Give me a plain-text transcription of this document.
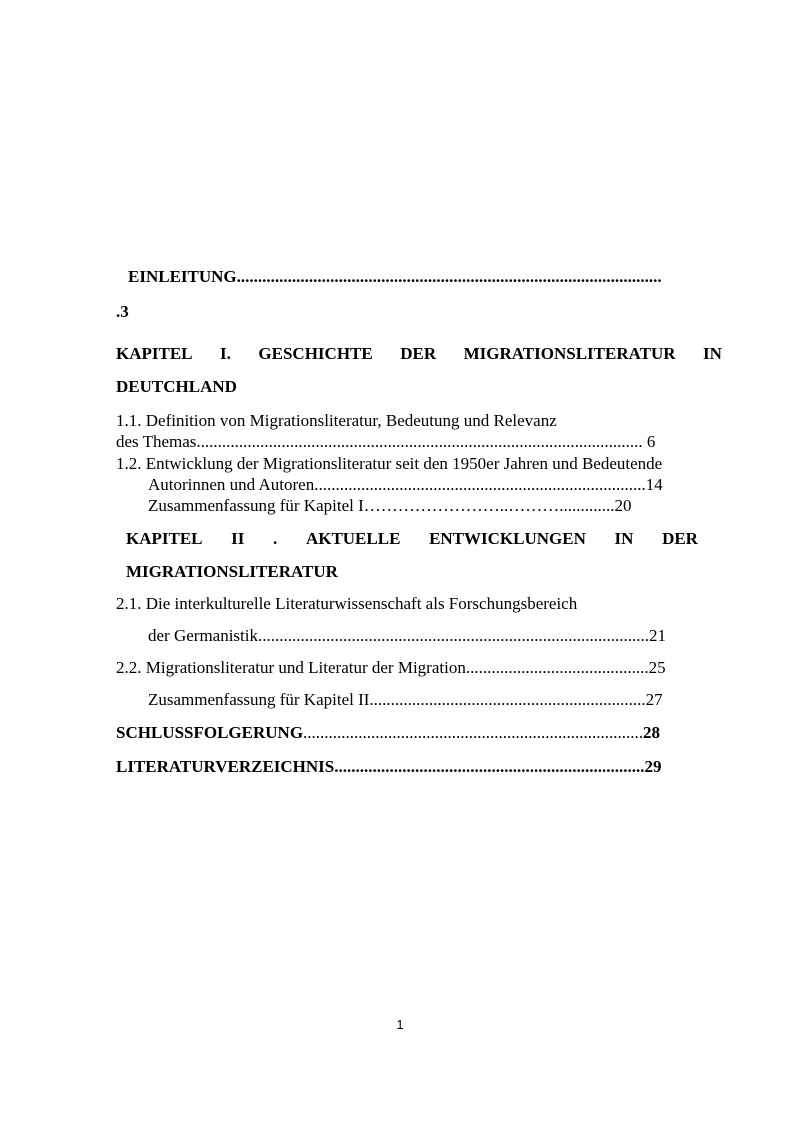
EINLEITUNG....................................................................................................
.3
KAPITEL I. GESCHICHTE DER MIGRATIONSLITERATUR IN
DEUTCHLAND
1.1. Definition von Migrationsliteratur, Bedeutung und Relevanz
des Themas......................................................................................................... 6
1.2. Entwicklung der Migrationsliteratur seit den 1950er Jahren und Bedeutende
Autorinnen und Autoren..............................................................................14
Zusammenfassung für Kapitel I……………………..……….............20
KAPITEL II . AKTUELLE ENTWICKLUNGEN IN DER
MIGRATIONSLITERATUR
2.1. Die interkulturelle Literaturwissenschaft als Forschungsbereich
der Germanistik............................................................................................21
2.2. Migrationsliteratur und Literatur der Migration...........................................25
Zusammenfassung für Kapitel II.................................................................27
SCHLUSSFOLGERUNG................................................................................28
LITERATURVERZEICHNIS.........................................................................29
1
